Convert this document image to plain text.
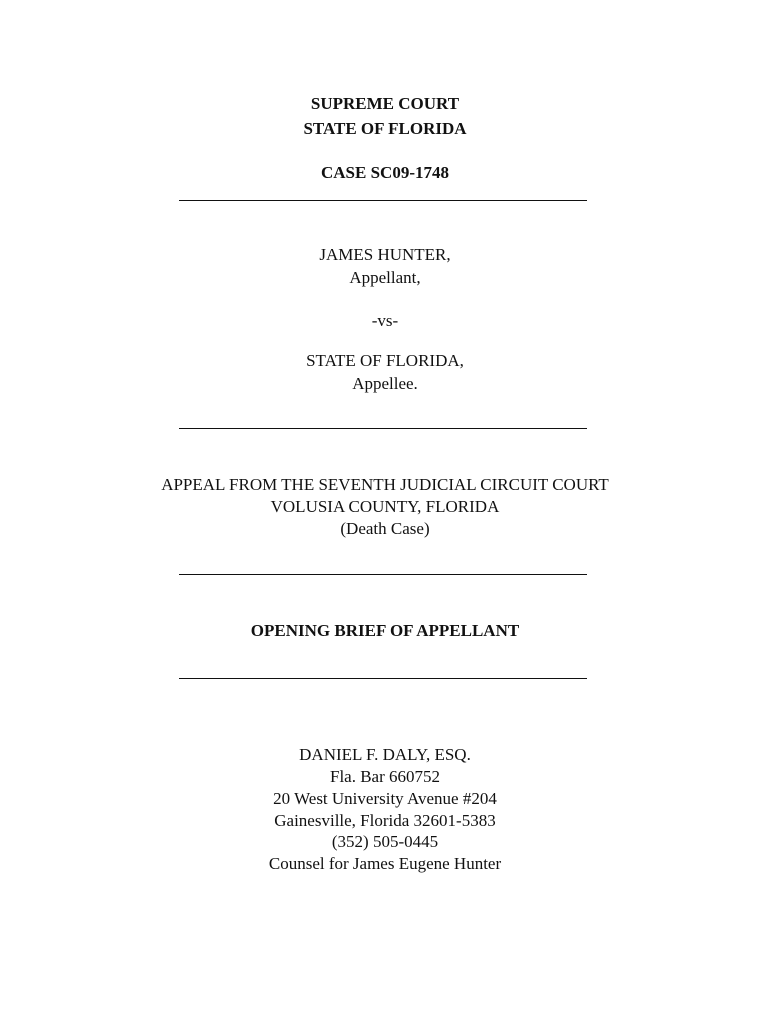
SUPREME COURT
STATE OF FLORIDA
CASE SC09-1748
JAMES HUNTER,
Appellant,
-vs-
STATE OF FLORIDA,
Appellee.
APPEAL FROM THE SEVENTH JUDICIAL CIRCUIT COURT
VOLUSIA COUNTY, FLORIDA
(Death Case)
OPENING BRIEF OF APPELLANT
DANIEL F. DALY, ESQ.
Fla. Bar 660752
20 West University Avenue #204
Gainesville, Florida 32601-5383
(352) 505-0445
Counsel for James Eugene Hunter
